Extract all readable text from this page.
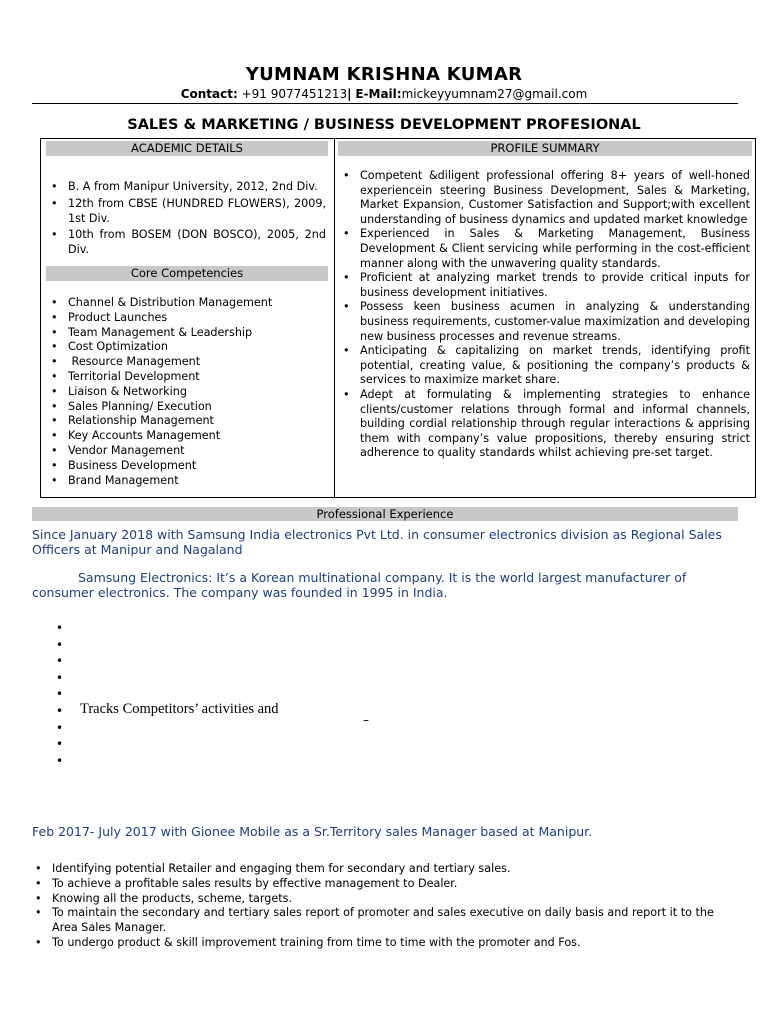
YUMNAM KRISHNA KUMAR
Contact: +91 9077451213| E-Mail:mickeyyumnam27@gmail.com
SALES & MARKETING / BUSINESS DEVELOPMENT PROFESIONAL
ACADEMIC DETAILS
• B. A from Manipur University, 2012, 2nd Div.
• 12th from CBSE (HUNDRED FLOWERS), 2009, 1st Div.
• 10th from BOSEM (DON BOSCO), 2005, 2nd Div.
Core Competencies
• Channel & Distribution Management
• Product Launches
• Team Management & Leadership
• Cost Optimization
•  Resource Management
• Territorial Development
• Liaison & Networking
• Sales Planning/ Execution
• Relationship Management
• Key Accounts Management
• Vendor Management
• Business Development
• Brand Management
PROFILE SUMMARY
• Competent &diligent professional offering 8+ years of well-honed experiencein steering Business Development, Sales & Marketing, Market Expansion, Customer Satisfaction and Support;with excellent understanding of business dynamics and updated market knowledge
• Experienced in Sales & Marketing Management, Business Development & Client servicing while performing in the cost-efficient manner along with the unwavering quality standards.
• Proficient at analyzing market trends to provide critical inputs for business development initiatives.
• Possess keen business acumen in analyzing & understanding business requirements, customer-value maximization and developing new business processes and revenue streams.
• Anticipating & capitalizing on market trends, identifying profit potential, creating value, & positioning the company’s products & services to maximize market share.
• Adept at formulating & implementing strategies to enhance clients/customer relations through formal and informal channels, building cordial relationship through regular interactions & apprising them with company’s value propositions, thereby ensuring strict adherence to quality standards whilst achieving pre-set target.
Professional Experience
Since January 2018 with Samsung India electronics Pvt Ltd. in consumer electronics division as Regional Sales Officers at Manipur and Nagaland
Samsung Electronics: It’s a Korean multinational company. It is the world largest manufacturer of consumer electronics. The company was founded in 1995 in India.
•
•
•
•
•
•
•
•
•
Tracks Competitors’ activities and
–
Feb 2017- July 2017 with Gionee Mobile as a Sr.Territory sales Manager based at Manipur.
• Identifying potential Retailer and engaging them for secondary and tertiary sales.
• To achieve a profitable sales results by effective management to Dealer.
• Knowing all the products, scheme, targets.
• To maintain the secondary and tertiary sales report of promoter and sales executive on daily basis and report it to the Area Sales Manager.
• To undergo product & skill improvement training from time to time with the promoter and Fos.
